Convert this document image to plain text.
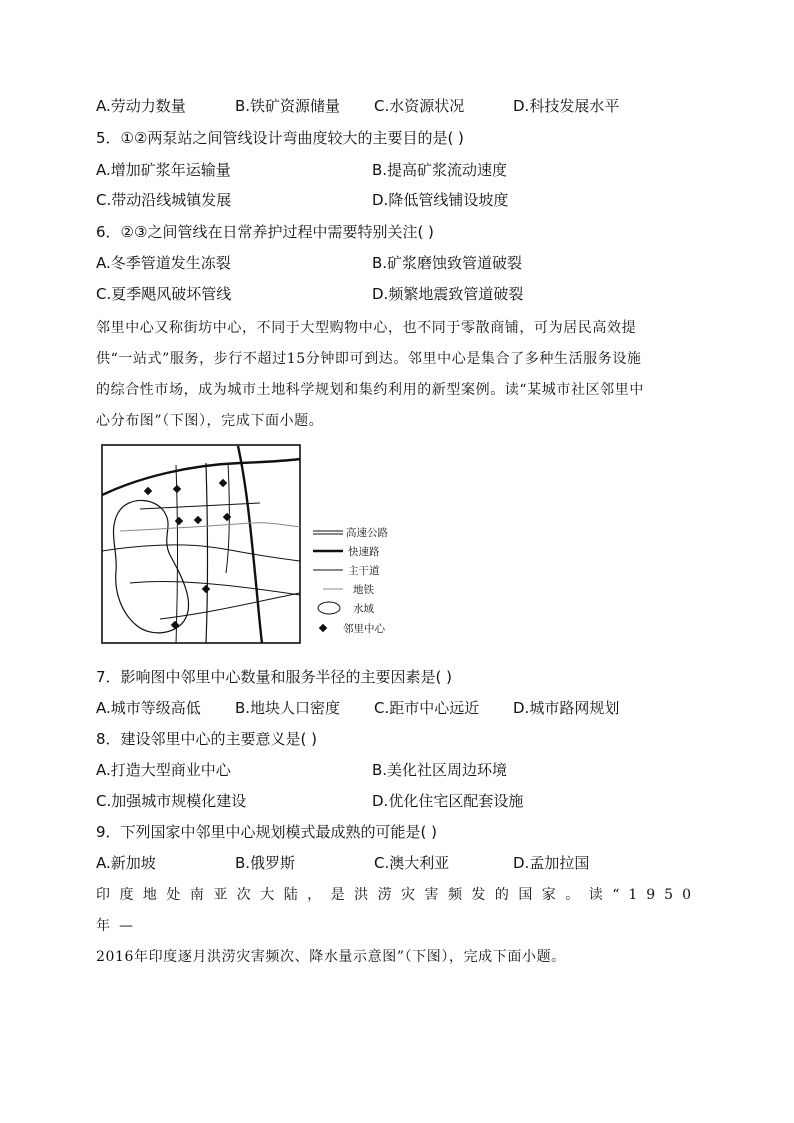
A.劳动力数量	B.铁矿资源储量	C.水资源状况	D.科技发展水平
5．①②两泵站之间管线设计弯曲度较大的主要目的是( )
A.增加矿浆年运输量	B.提高矿浆流动速度
C.带动沿线城镇发展	D.降低管线铺设坡度
6．②③之间管线在日常养护过程中需要特别关注( )
A.冬季管道发生冻裂	B.矿浆磨蚀致管道破裂
C.夏季飓风破坏管线	D.频繁地震致管道破裂
邻里中心又称街坊中心，不同于大型购物中心，也不同于零散商铺，可为居民高效提
供“一站式”服务，步行不超过15分钟即可到达。邻里中心是集合了多种生活服务设施
的综合性市场，成为城市土地科学规划和集约利用的新型案例。读“某城市社区邻里中
心分布图”（下图），完成下面小题。
高速公路
快速路
主干道
地铁
水域
邻里中心
7．影响图中邻里中心数量和服务半径的主要因素是( )
A.城市等级高低	B.地块人口密度	C.距市中心远近	D.城市路网规划
8．建设邻里中心的主要意义是( )
A.打造大型商业中心	B.美化社区周边环境
C.加强城市规模化建设	D.优化住宅区配套设施
9．下列国家中邻里中心规划模式最成熟的可能是( )
A.新加坡	B.俄罗斯	C.澳大利亚	D.孟加拉国
印度地处南亚次大陆，是洪涝灾害频发的国家。读“1950年—
2016年印度逐月洪涝灾害频次、降水量示意图”（下图），完成下面小题。
